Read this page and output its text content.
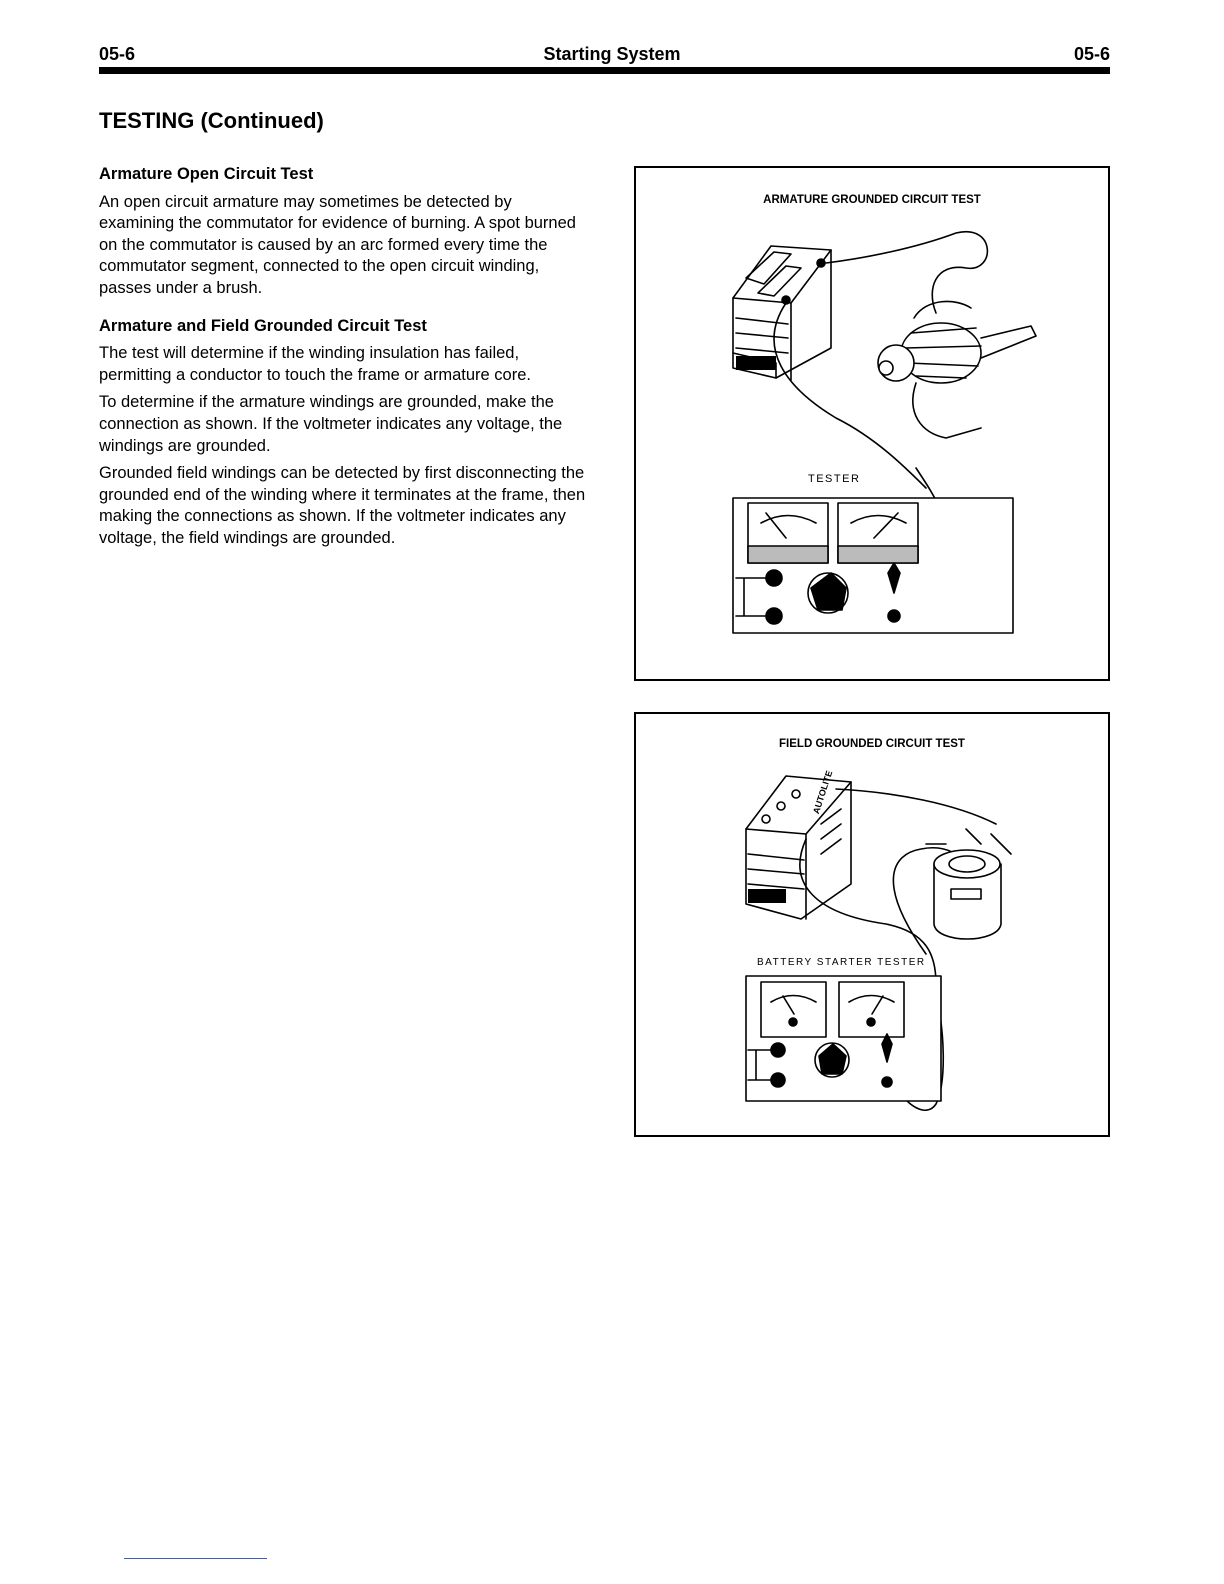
05-6	Starting System	05-6
TESTING (Continued)
Armature Open Circuit Test

An open circuit armature may sometimes be detected by examining the commutator for evidence of burning. A spot burned on the commutator is caused by an arc formed every time the commutator segment, connected to the open circuit winding, passes under a brush.

Armature and Field Grounded Circuit Test

The test will determine if the winding insulation has failed, permitting a conductor to touch the frame or armature core.

To determine if the armature windings are grounded, make the connection as shown. If the voltmeter indicates any voltage, the windings are grounded.

Grounded field windings can be detected by first disconnecting the grounded end of the winding where it terminates at the frame, then making the connections as shown. If the voltmeter indicates any voltage, the field windings are grounded.

ARMATURE GROUNDED CIRCUIT TEST
TESTER
FIELD GROUNDED CIRCUIT TEST
BATTERY STARTER TESTER
AUTOLITE
